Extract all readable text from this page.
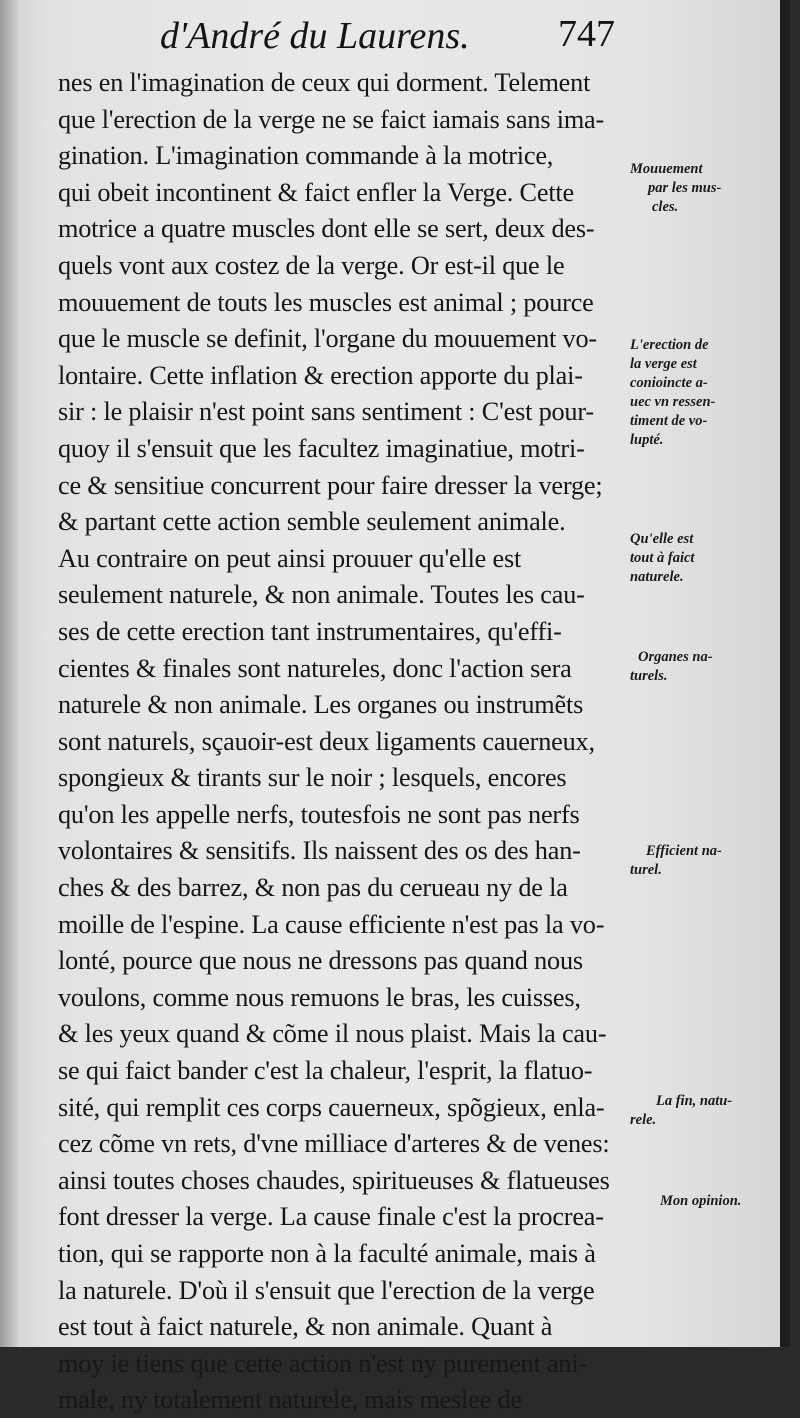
d'André du Laurens. 747
nes en l'imagination de ceux qui dorment. Telement
que l'erection de la verge ne se faict iamais sans ima-
gination. L'imagination commande à la motrice,
qui obeit incontinent & faict enfler la Verge. Cette
motrice a quatre muscles dont elle se sert, deux des-
quels vont aux costez de la verge. Or est-il que le
mouuement de touts les muscles est animal ; pource
que le muscle se definit, l'organe du mouuement vo-
lontaire. Cette inflation & erection apporte du plai-
sir : le plaisir n'est point sans sentiment : C'est pour-
quoy il s'ensuit que les facultez imaginatiue, motri-
ce & sensitiue concurrent pour faire dresser la verge;
& partant cette action semble seulement animale.
Au contraire on peut ainsi prouuer qu'elle est
seulement naturele, & non animale. Toutes les cau-
ses de cette erection tant instrumentaires, qu'effi-
cientes & finales sont natureles, donc l'action sera
naturele & non animale. Les organes ou instrumẽts
sont naturels, sçauoir-est deux ligaments cauerneux,
spongieux & tirants sur le noir ; lesquels, encores
qu'on les appelle nerfs, toutesfois ne sont pas nerfs
volontaires & sensitifs. Ils naissent des os des han-
ches & des barrez, & non pas du cerueau ny de la
moille de l'espine. La cause efficiente n'est pas la vo-
lonté, pource que nous ne dressons pas quand nous
voulons, comme nous remuons le bras, les cuisses,
& les yeux quand & cõme il nous plaist. Mais la cau-
se qui faict bander c'est la chaleur, l'esprit, la flatuo-
sité, qui remplit ces corps cauerneux, spõgieux, enla-
cez cõme vn rets, d'vne milliace d'arteres & de venes:
ainsi toutes choses chaudes, spiritueuses & flatueuses
font dresser la verge. La cause finale c'est la procrea-
tion, qui se rapporte non à la faculté animale, mais à
la naturele. D'où il s'ensuit que l'erection de la verge
est tout à faict naturele, & non animale. Quant à
moy ie tiens que cette action n'est ny purement ani-
male, ny totalement naturele, mais meslee de
Mouuement
par les mus-
cles.
L'erection de
la verge est
conioincte a-
uec vn ressen-
timent de vo-
lupté.
Qu'elle est
tout à faict
naturele.
Organes na-
turels.
Efficient na-
turel.
La fin, natu-
rele.
Mon opinion.
